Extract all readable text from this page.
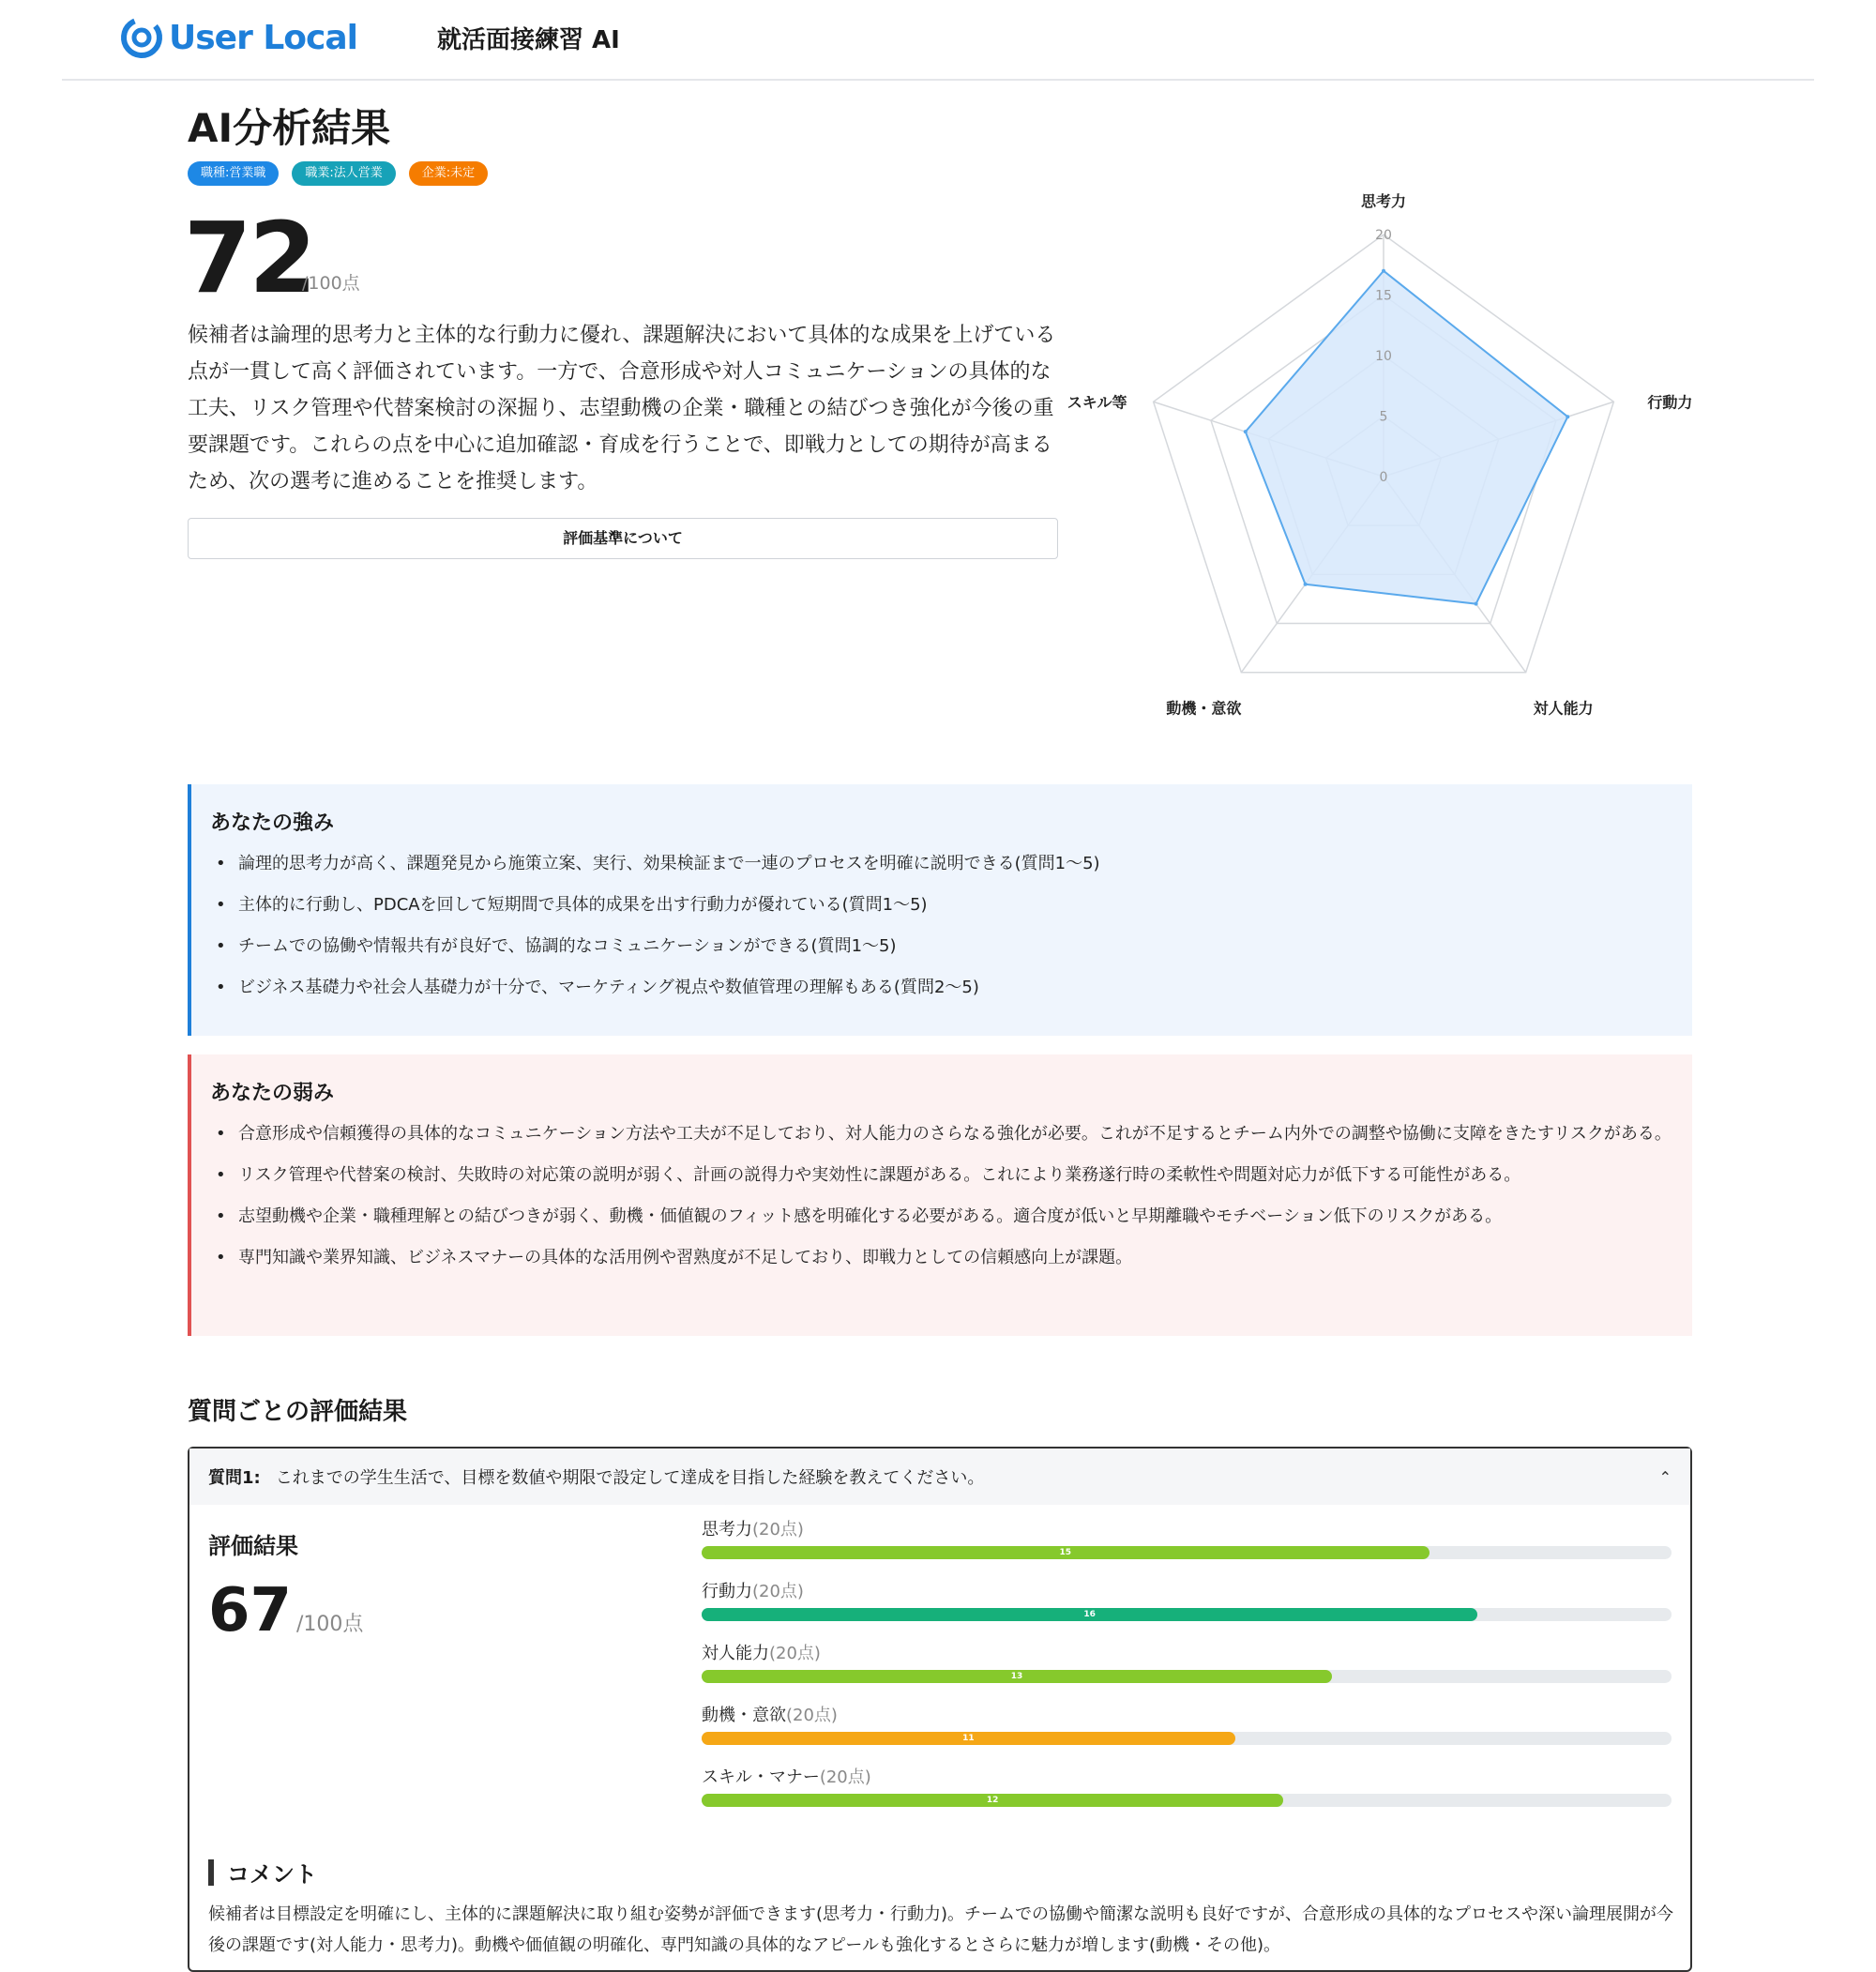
User Local	就活面接練習 AI
AI分析結果
職種:営業職	職業:法人営業	企業:未定
72
/100点

候補者は論理的思考力と主体的な行動力に優れ、課題解決において具体的な成果を上げている点が一貫して高く評価されています。一方で、合意形成や対人コミュニケーションの具体的な工夫、リスク管理や代替案検討の深掘り、志望動機の企業・職種との結びつき強化が今後の重要課題です。これらの点を中心に追加確認・育成を行うことで、即戦力としての期待が高まるため、次の選考に進めることを推奨します。

評価基準について
0
5
10
15
20
思考力
行動力
対人能力
動機・意欲
スキル等
あなたの強み
• 論理的思考力が高く、課題発見から施策立案、実行、効果検証まで一連のプロセスを明確に説明できる(質問1〜5)
• 主体的に行動し、PDCAを回して短期間で具体的成果を出す行動力が優れている(質問1〜5)
• チームでの協働や情報共有が良好で、協調的なコミュニケーションができる(質問1〜5)
• ビジネス基礎力や社会人基礎力が十分で、マーケティング視点や数値管理の理解もある(質問2〜5)
あなたの弱み
• 合意形成や信頼獲得の具体的なコミュニケーション方法や工夫が不足しており、対人能力のさらなる強化が必要。これが不足するとチーム内外での調整や協働に支障をきたすリスクがある。
• リスク管理や代替案の検討、失敗時の対応策の説明が弱く、計画の説得力や実効性に課題がある。これにより業務遂行時の柔軟性や問題対応力が低下する可能性がある。
• 志望動機や企業・職種理解との結びつきが弱く、動機・価値観のフィット感を明確化する必要がある。適合度が低いと早期離職やモチベーション低下のリスクがある。
• 専門知識や業界知識、ビジネスマナーの具体的な活用例や習熟度が不足しており、即戦力としての信頼感向上が課題。
質問ごとの評価結果
質問1: これまでの学生生活で、目標を数値や期限で設定して達成を目指した経験を教えてください。	⌃
評価結果
67 /100点
思考力(20点)
15
行動力(20点)
16
対人能力(20点)
13
動機・意欲(20点)
11
スキル・マナー(20点)
12
コメント

候補者は目標設定を明確にし、主体的に課題解決に取り組む姿勢が評価できます(思考力・行動力)。チームでの協働や簡潔な説明も良好ですが、合意形成の具体的なプロセスや深い論理展開が今後の課題です(対人能力・思考力)。動機や価値観の明確化、専門知識の具体的なアピールも強化するとさらに魅力が増します(動機・その他)。
